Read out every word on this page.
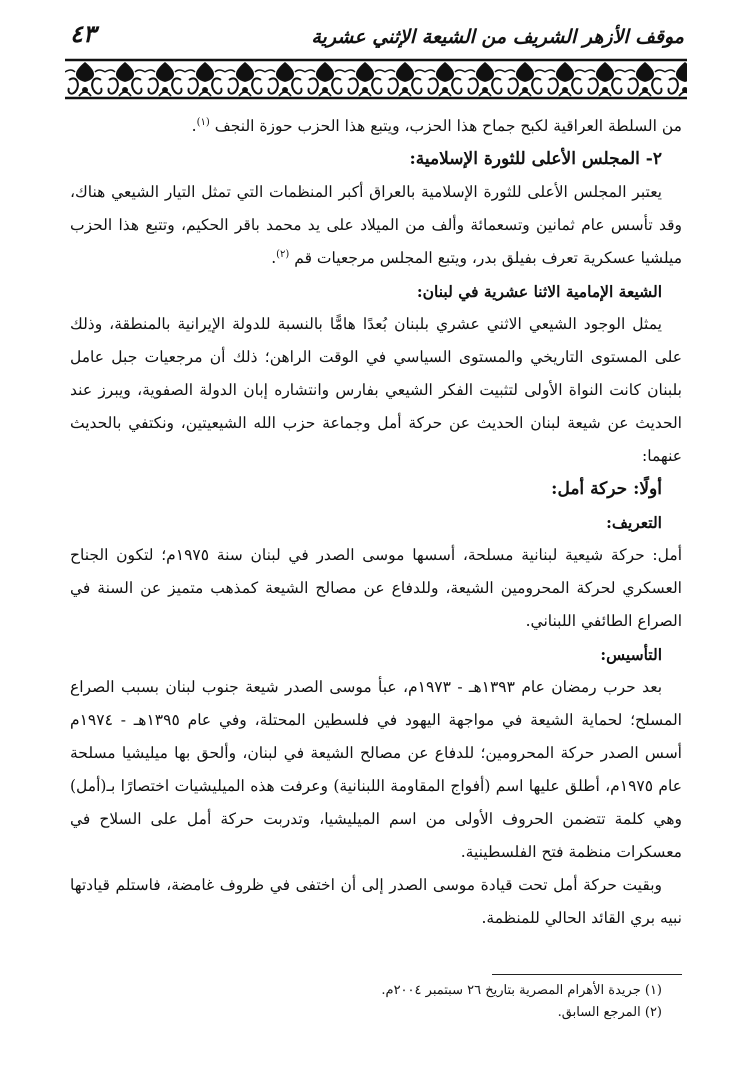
موقف الأزهر الشريف من الشيعة الإثني عشرية
٤٣

من السلطة العراقية لكبح جماح هذا الحزب، ويتبع هذا الحزب حوزة النجف $^{(١)}$.

٢- المجلس الأعلى للثورة الإسلامية:

يعتبر المجلس الأعلى للثورة الإسلامية بالعراق أكبر المنظمات التي تمثل التيار الشيعي هناك، وقد تأسس عام ثمانين وتسعمائة وألف من الميلاد على يد محمد باقر الحكيم، وتتبع هذا الحزب ميلشيا عسكرية تعرف بفيلق بدر، ويتبع المجلس مرجعيات قم $^{(٢)}$.

الشيعة الإمامية الاثنا عشرية في لبنان:

يمثل الوجود الشيعي الاثني عشري بلبنان بُعدًا هامًّا بالنسبة للدولة الإيرانية بالمنطقة، وذلك على المستوى التاريخي والمستوى السياسي في الوقت الراهن؛ ذلك أن مرجعيات جبل عامل بلبنان كانت النواة الأولى لتثبيت الفكر الشيعي بفارس وانتشاره إبان الدولة الصفوية، ويبرز عند الحديث عن شيعة لبنان الحديث عن حركة أمل وجماعة حزب الله الشيعيتين، ونكتفي بالحديث عنهما:

أولًا: حركة أمل:

التعريف:

أمل: حركة شيعية لبنانية مسلحة، أسسها موسى الصدر في لبنان سنة ١٩٧٥م؛ لتكون الجناح العسكري لحركة المحرومين الشيعة، وللدفاع عن مصالح الشيعة كمذهب متميز عن السنة في الصراع الطائفي اللبناني.

التأسيس:

بعد حرب رمضان عام ١٣٩٣هـ - ١٩٧٣م، عبأ موسى الصدر شيعة جنوب لبنان بسبب الصراع المسلح؛ لحماية الشيعة في مواجهة اليهود في فلسطين المحتلة، وفي عام ١٣٩٥هـ - ١٩٧٤م أسس الصدر حركة المحرومين؛ للدفاع عن مصالح الشيعة في لبنان، وألحق بها ميليشيا مسلحة عام ١٩٧٥م، أطلق عليها اسم (أفواج المقاومة اللبنانية) وعرفت هذه الميليشيات اختصارًا بـ(أمل) وهي كلمة تتضمن الحروف الأولى من اسم الميليشيا، وتدربت حركة أمل على السلاح في معسكرات منظمة فتح الفلسطينية.

وبقيت حركة أمل تحت قيادة موسى الصدر إلى أن اختفى في ظروف غامضة، فاستلم قيادتها نبيه بري القائد الحالي للمنظمة.

(١) جريدة الأهرام المصرية بتاريخ ٢٦ سبتمبر ٢٠٠٤م.

(٢) المرجع السابق.
